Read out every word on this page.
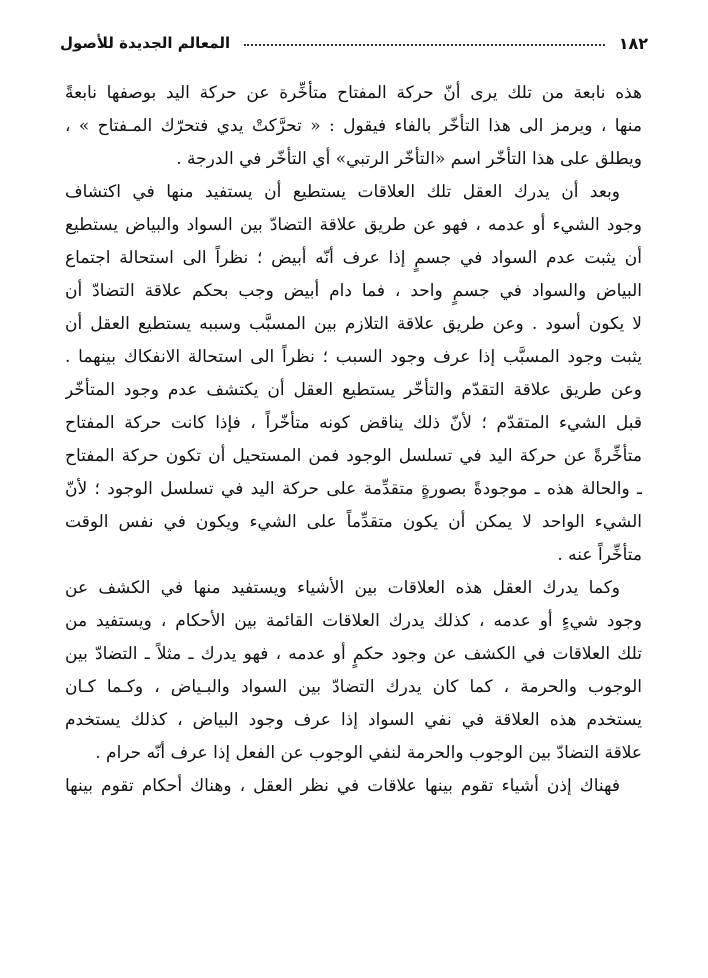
١٨٢
المعالم الجديدة للأصول
هذه نابعة من تلك يرى أنّ حركة المفتاح متأخِّرة عن حركة اليد بوصفها نابعةً
منها ، ويرمز الى هذا التأخّر بالفاء فيقول : « تحرَّكتْ يدي فتحرّك المـفتاح » ،
ويطلق على هذا التأخّر اسم «التأخّر الرتبي» أي التأخّر في الدرجة .
وبعد أن يدرك العقل تلك العلاقات يستطيع أن يستفيد منها في اكتشاف
وجود الشيء أو عدمه ، فهو عن طريق علاقة التضادّ بين السواد والبياض يستطيع
أن يثبت عدم السواد في جسمٍ إذا عرف أنّه أبيض ؛ نظراً الى استحالة اجتماع
البياض والسواد في جسمٍ واحد ، فما دام أبيض وجب بحكم علاقة التضادّ أن
لا يكون أسود . وعن طريق علاقة التلازم بين المسبَّب وسببه يستطيع العقل أن
يثبت وجود المسبَّب إذا عرف وجود السبب ؛ نظراً الى استحالة الانفكاك بينهما .
وعن طريق علاقة التقدّم والتأخّر يستطيع العقل أن يكتشف عدم وجود المتأخّر
قبل الشيء المتقدّم ؛ لأنّ ذلك يناقض كونه متأخّراً ، فإذا كانت حركة المفتاح
متأخِّرةً عن حركة اليد في تسلسل الوجود فمن المستحيل أن تكون حركة المفتاح
ـ والحالة هذه ـ موجودةً بصورةٍ متقدِّمة على حركة اليد في تسلسل الوجود ؛ لأنّ
الشيء الواحد لا يمكن أن يكون متقدِّماً على الشيء ويكون في نفس الوقت
متأخِّراً عنه .
وكما يدرك العقل هذه العلاقات بين الأشياء ويستفيد منها في الكشف عن
وجود شيءٍ أو عدمه ، كذلك يدرك العلاقات القائمة بين الأحكام ، ويستفيد من
تلك العلاقات في الكشف عن وجود حكمٍ أو عدمه ، فهو يدرك ـ مثلاً ـ التضادّ بين
الوجوب والحرمة ، كما كان يدرك التضادّ بين السواد والبـياض ، وكـما كـان
يستخدم هذه العلاقة في نفي السواد إذا عرف وجود البياض ، كذلك يستخدم
علاقة التضادّ بين الوجوب والحرمة لنفي الوجوب عن الفعل إذا عرف أنّه حرام .
فهناك إذن أشياء تقوم بينها علاقات في نظر العقل ، وهناك أحكام تقوم بينها
